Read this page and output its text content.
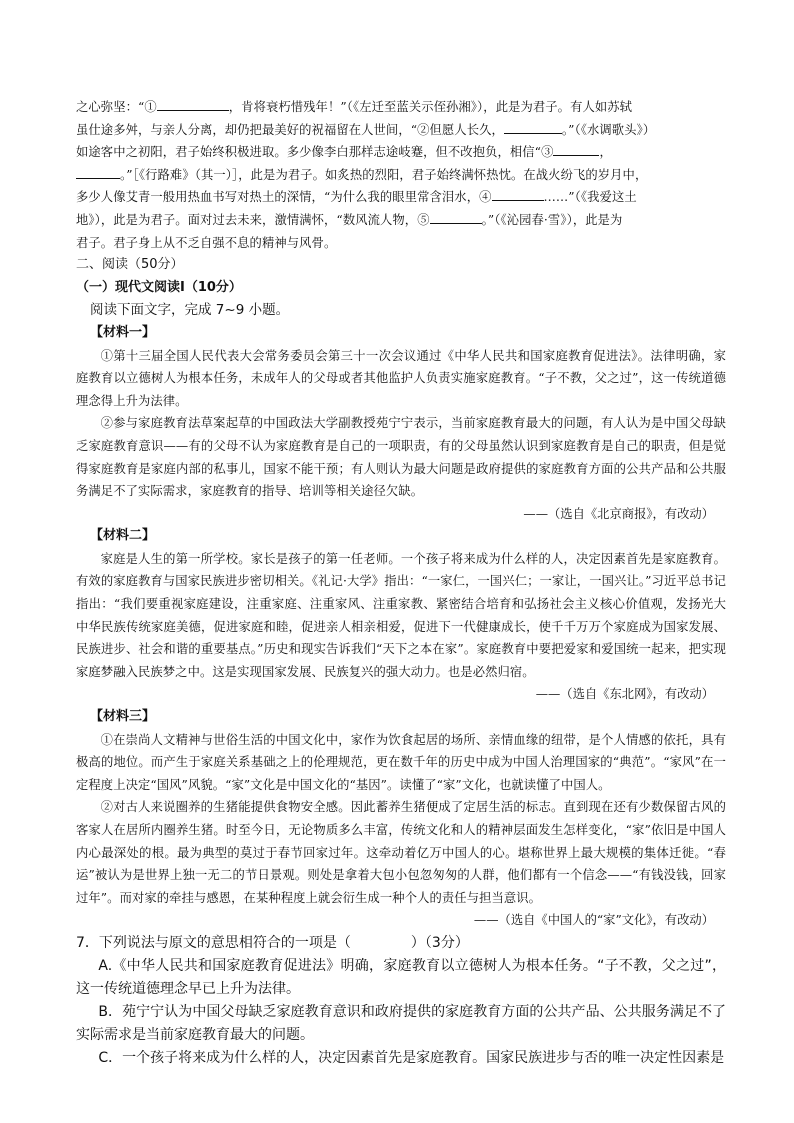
之心弥坚：“①	，肯将衰朽惜残年！”（《左迁至蓝关示侄孙湘》），此是为君子。有人如苏轼

虽仕途多舛，与亲人分离，却仍把最美好的祝福留在人世间，“②但愿人长久，	。”（《水调歌头》）

如途客中之初阳，君子始终积极进取。多少像李白那样志途岐蹇，但不改抱负，相信“③	，

。”［《行路难》（其一）］，此是为君子。如炙热的烈阳，君子始终满怀热忱。在战火纷飞的岁月中，

多少人像艾青一般用热血书写对热土的深情，“为什么我的眼里常含泪水，④	……”（《我爱这土

地》），此是为君子。面对过去未来，激情满怀，“数风流人物，⑤	。”（《沁园春·雪》），此是为

君子。君子身上从不乏自强不息的精神与风骨。

二、阅读（50分）

（一）现代文阅读Ⅰ（10分）

阅读下面文字，完成 7~9 小题。

【材料一】

①第十三届全国人民代表大会常务委员会第三十一次会议通过《中华人民共和国家庭教育促进法》。法律明确，家庭教育以立德树人为根本任务，未成年人的父母或者其他监护人负责实施家庭教育。“子不教，父之过”，这一传统道德理念得上升为法律。

②参与家庭教育法草案起草的中国政法大学副教授苑宁宁表示，当前家庭教育最大的问题，有人认为是中国父母缺乏家庭教育意识——有的父母不认为家庭教育是自己的一项职责，有的父母虽然认识到家庭教育是自己的职责，但是觉得家庭教育是家庭内部的私事儿，国家不能干预；有人则认为最大问题是政府提供的家庭教育方面的公共产品和公共服务满足不了实际需求，家庭教育的指导、培训等相关途径欠缺。

——（选自《北京商报》，有改动）

【材料二】

家庭是人生的第一所学校。家长是孩子的第一任老师。一个孩子将来成为什么样的人，决定因素首先是家庭教育。有效的家庭教育与国家民族进步密切相关。《礼记·大学》指出：“一家仁，一国兴仁；一家让，一国兴让。”习近平总书记指出：“我们要重视家庭建设，注重家庭、注重家风、注重家教、紧密结合培育和弘扬社会主义核心价值观，发扬光大中华民族传统家庭美德，促进家庭和睦，促进亲人相亲相爱，促进下一代健康成长，使千千万万个家庭成为国家发展、民族进步、社会和谐的重要基点。”历史和现实告诉我们“天下之本在家”。家庭教育中要把爱家和爱国统一起来，把实现家庭梦融入民族梦之中。这是实现国家发展、民族复兴的强大动力。也是必然归宿。

——（选自《东北网》，有改动）

【材料三】

①在崇尚人文精神与世俗生活的中国文化中，家作为饮食起居的场所、亲情血缘的纽带，是个人情感的依托，具有极高的地位。而产生于家庭关系基础之上的伦理规范，更在数千年的历史中成为中国人治理国家的“典范”。“家风”在一定程度上决定“国风”风貌。“家”文化是中国文化的“基因”。读懂了“家”文化，也就读懂了中国人。

②对古人来说圈养的生猪能提供食物安全感。因此蓄养生猪便成了定居生活的标志。直到现在还有少数保留古风的客家人在居所内圈养生猪。时至今日，无论物质多么丰富，传统文化和人的精神层面发生怎样变化，“家”依旧是中国人内心最深处的根。最为典型的莫过于春节回家过年。这牵动着亿万中国人的心。堪称世界上最大规模的集体迁徙。“春运”被认为是世界上独一无二的节日景观。则处是拿着大包小包忽匆匆的人群，他们都有一个信念——“有钱没钱，回家过年”。而对家的牵挂与感恩，在某种程度上就会衍生成一种个人的责任与担当意识。

——（选自《中国人的“家”文化》，有改动）

7．下列说法与原文的意思相符合的一项是（	）（3分）

A.《中华人民共和国家庭教育促进法》明确，家庭教育以立德树人为根本任务。“子不教，父之过”，这一传统道德理念早已上升为法律。

B．苑宁宁认为中国父母缺乏家庭教育意识和政府提供的家庭教育方面的公共产品、公共服务满足不了实际需求是当前家庭教育最大的问题。

C．一个孩子将来成为什么样的人，决定因素首先是家庭教育。国家民族进步与否的唯一决定性因素是
